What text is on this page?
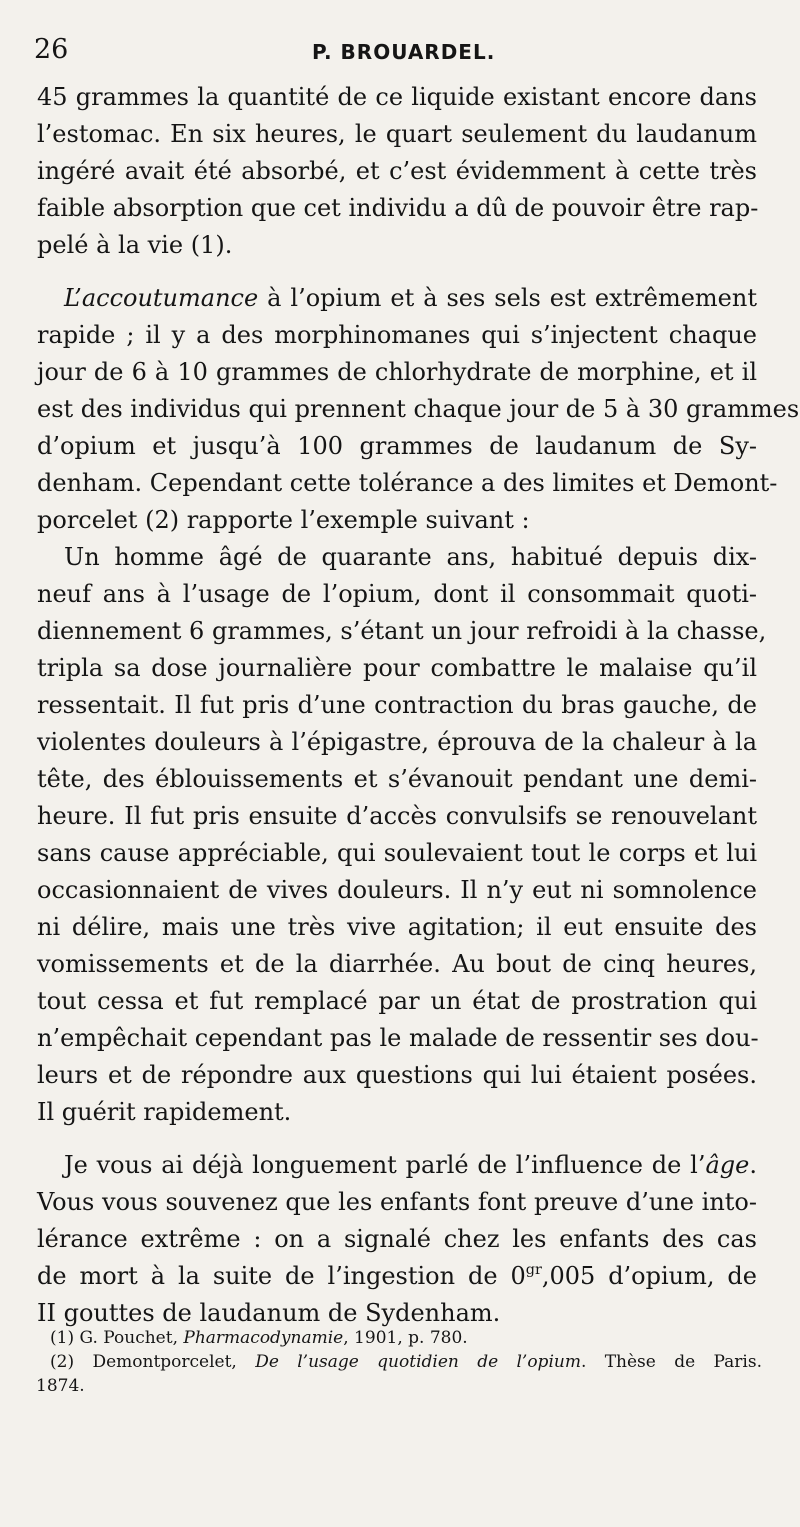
26	P. BROUARDEL.
45 grammes la quantité de ce liquide existant encore dans
l’estomac. En six heures, le quart seulement du laudanum
ingéré avait été absorbé, et c’est évidemment à cette très
faible absorption que cet individu a dû de pouvoir être rap-
pelé à la vie (1).
L’accoutumance à l’opium et à ses sels est extrêmement
rapide ; il y a des morphinomanes qui s’injectent chaque
jour de 6 à 10 grammes de chlorhydrate de morphine, et il
est des individus qui prennent chaque jour de 5 à 30 grammes
d’opium et jusqu’à 100 grammes de laudanum de Sy-
denham. Cependant cette tolérance a des limites et Demont-
porcelet (2) rapporte l’exemple suivant :
Un homme âgé de quarante ans, habitué depuis dix-
neuf ans à l’usage de l’opium, dont il consommait quoti-
diennement 6 grammes, s’étant un jour refroidi à la chasse,
tripla sa dose journalière pour combattre le malaise qu’il
ressentait. Il fut pris d’une contraction du bras gauche, de
violentes douleurs à l’épigastre, éprouva de la chaleur à la
tête, des éblouissements et s’évanouit pendant une demi-
heure. Il fut pris ensuite d’accès convulsifs se renouvelant
sans cause appréciable, qui soulevaient tout le corps et lui
occasionnaient de vives douleurs. Il n’y eut ni somnolence
ni délire, mais une très vive agitation; il eut ensuite des
vomissements et de la diarrhée. Au bout de cinq heures,
tout cessa et fut remplacé par un état de prostration qui
n’empêchait cependant pas le malade de ressentir ses dou-
leurs et de répondre aux questions qui lui étaient posées.
Il guérit rapidement.
Je vous ai déjà longuement parlé de l’influence de l’âge.
Vous vous souvenez que les enfants font preuve d’une into-
lérance extrême : on a signalé chez les enfants des cas
de mort à la suite de l’ingestion de $0^{gr},005$ d’opium, de
II gouttes de laudanum de Sydenham.
(1) G. Pouchet, Pharmacodynamie, 1901, p. 780.
(2) Demontporcelet, De l’usage quotidien de l’opium. Thèse de Paris.
1874.
